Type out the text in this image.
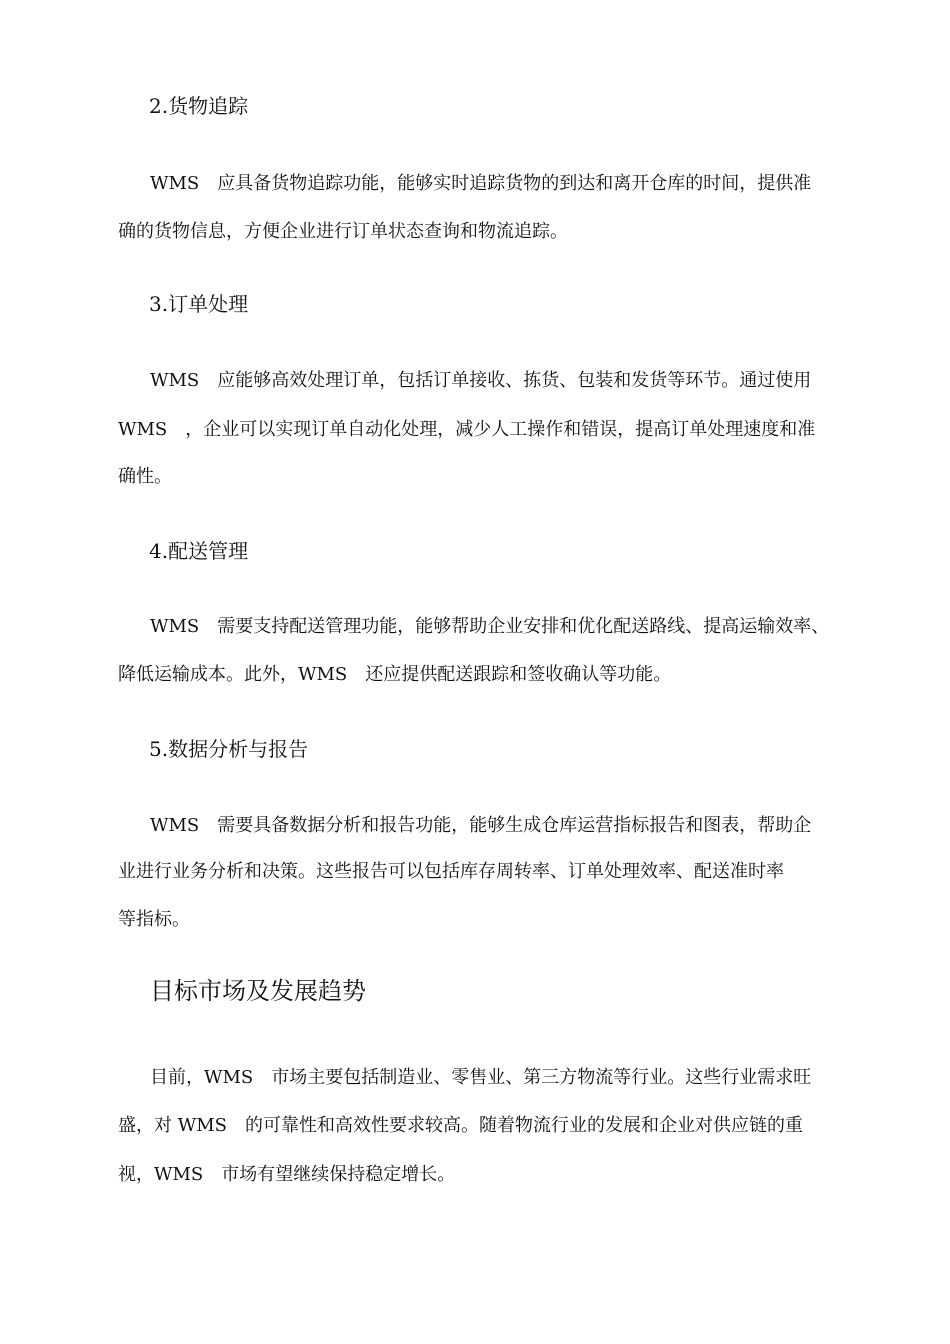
2.货物追踪
WMS　应具备货物追踪功能，能够实时追踪货物的到达和离开仓库的时间，提供准
确的货物信息，方便企业进行订单状态查询和物流追踪。
3.订单处理
WMS　应能够高效处理订单，包括订单接收、拣货、包装和发货等环节。通过使用
WMS　，企业可以实现订单自动化处理，减少人工操作和错误，提高订单处理速度和准
确性。
4.配送管理
WMS　需要支持配送管理功能，能够帮助企业安排和优化配送路线、提高运输效率、
降低运输成本。此外，WMS　还应提供配送跟踪和签收确认等功能。
5.数据分析与报告
WMS　需要具备数据分析和报告功能，能够生成仓库运营指标报告和图表，帮助企
业进行业务分析和决策。这些报告可以包括库存周转率、订单处理效率、配送准时率
等指标。
目标市场及发展趋势
目前，WMS　市场主要包括制造业、零售业、第三方物流等行业。这些行业需求旺
盛，对 WMS　的可靠性和高效性要求较高。随着物流行业的发展和企业对供应链的重
视，WMS　市场有望继续保持稳定增长。
